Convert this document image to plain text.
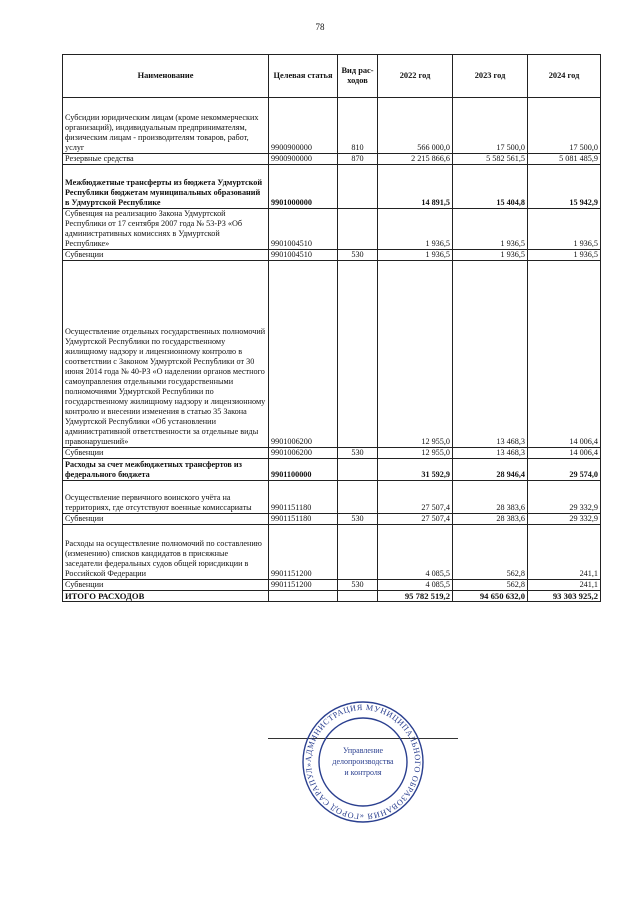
78
Наименование	Целевая статья	Вид рас-ходов	2022 год	2023 год	2024 год
Субсидии юридическим лицам (кроме некоммерческих организаций), индивидуальным предпринимателям, физическим лицам - производителям товаров, работ, услуг	9900900000	810	566 000,0	17 500,0	17 500,0
Резервные средства	9900900000	870	2 215 866,6	5 582 561,5	5 081 485,9
Межбюджетные трансферты из бюджета Удмуртской Республики бюджетам муниципальных образований в Удмуртской Республике	9901000000		14 891,5	15 404,8	15 942,9
Субвенция на реализацию Закона Удмуртской Республики от 17 сентября 2007 года № 53-РЗ «Об административных комиссиях в Удмуртской Республике»	9901004510		1 936,5	1 936,5	1 936,5
Субвенции	9901004510	530	1 936,5	1 936,5	1 936,5
Осуществление отдельных государственных полномочий Удмуртской Республики по государственному жилищному надзору и лицензионному контролю в соответствии с Законом Удмуртской Республики от 30 июня 2014 года № 40-РЗ «О наделении органов местного самоуправления отдельными государственными полномочиями Удмуртской Республики по государственному жилищному надзору и лицензионному контролю и внесении изменения в статью 35 Закона Удмуртской Республики «Об установлении административной ответственности за отдельные виды правонарушений»	9901006200		12 955,0	13 468,3	14 006,4
Субвенции	9901006200	530	12 955,0	13 468,3	14 006,4
Расходы за счет межбюджетных трансфертов из федерального бюджета	9901100000		31 592,9	28 946,4	29 574,0
Осуществление первичного воинского учёта на территориях, где отсутствуют военные комиссариаты	9901151180		27 507,4	28 383,6	29 332,9
Субвенции	9901151180	530	27 507,4	28 383,6	29 332,9
Расходы на осуществление полномочий по составлению (изменению) списков кандидатов в присяжные заседатели федеральных судов общей юрисдикции в Российской Федерации	9901151200		4 085,5	562,8	241,1
Субвенции	9901151200	530	4 085,5	562,8	241,1
ИТОГО РАСХОДОВ			95 782 519,2	94 650 632,0	93 303 925,2
АДМИНИСТРАЦИЯ МУНИЦИПАЛЬНОГО ОБРАЗОВАНИЯ «ГОРОД САРАПУЛ»
Управление
делопроизводства
и контроля
